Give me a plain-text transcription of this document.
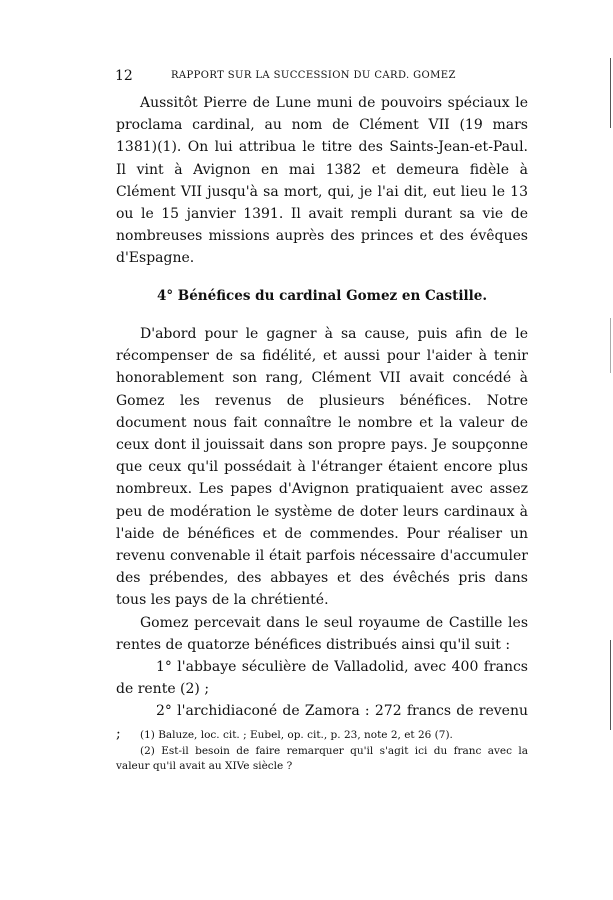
12	RAPPORT SUR LA SUCCESSION DU CARD. GOMEZ

Aussitôt Pierre de Lune muni de pouvoirs spéciaux le proclama cardinal, au nom de Clément VII (19 mars 1381)(1). On lui attribua le titre des Saints-Jean-et-Paul. Il vint à Avignon en mai 1382 et demeura fidèle à Clément VII jusqu'à sa mort, qui, je l'ai dit, eut lieu le 13 ou le 15 janvier 1391. Il avait rempli durant sa vie de nombreuses missions auprès des princes et des évêques d'Espagne.

4° Bénéfices du cardinal Gomez en Castille.

D'abord pour le gagner à sa cause, puis afin de le récompenser de sa fidélité, et aussi pour l'aider à tenir honorablement son rang, Clément VII avait concédé à Gomez les revenus de plusieurs bénéfices. Notre document nous fait connaître le nombre et la valeur de ceux dont il jouissait dans son propre pays. Je soupçonne que ceux qu'il possédait à l'étranger étaient encore plus nombreux. Les papes d'Avignon pratiquaient avec assez peu de modération le système de doter leurs cardinaux à l'aide de bénéfices et de commendes. Pour réaliser un revenu convenable il était parfois nécessaire d'accumuler des prébendes, des abbayes et des évêchés pris dans tous les pays de la chrétienté.

Gomez percevait dans le seul royaume de Castille les rentes de quatorze bénéfices distribués ainsi qu'il suit :

1° l'abbaye séculière de Valladolid, avec 400 francs de rente (2) ;

2° l'archidiaconé de Zamora : 272 francs de revenu ;	(1) Baluze, loc. cit. ; Eubel, op. cit., p. 23, note 2, et 26 (7).

(2) Est-il besoin de faire remarquer qu'il s'agit ici du franc avec la valeur qu'il avait au XIVe siècle ?
